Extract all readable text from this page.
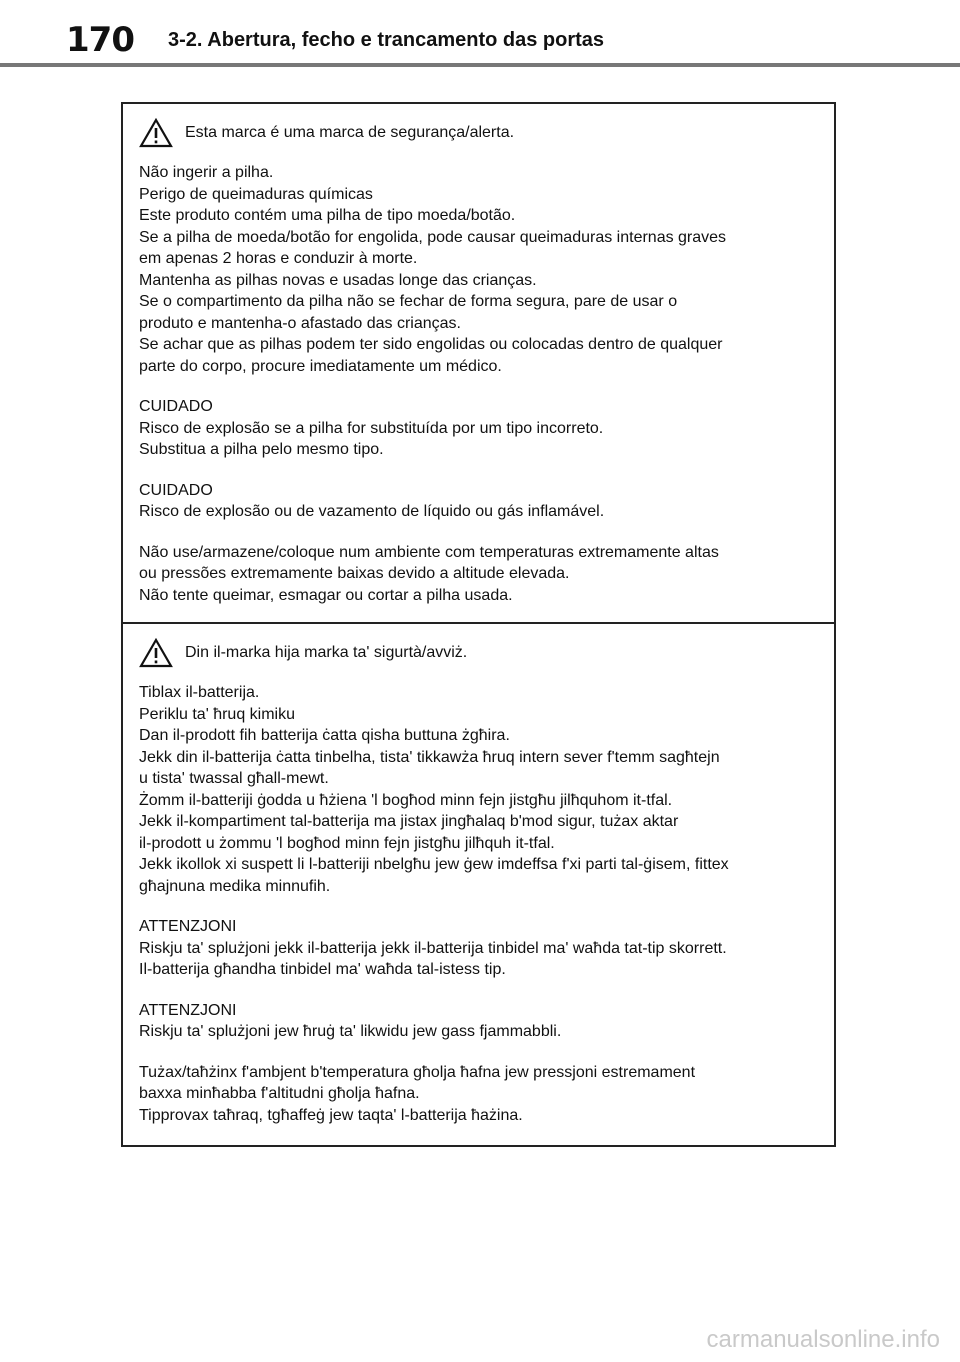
170 3-2. Abertura, fecho e trancamento das portas
Esta marca é uma marca de segurança/alerta.

Não ingerir a pilha.
Perigo de queimaduras químicas
Este produto contém uma pilha de tipo moeda/botão.
Se a pilha de moeda/botão for engolida, pode causar queimaduras internas graves
em apenas 2 horas e conduzir à morte.
Mantenha as pilhas novas e usadas longe das crianças.
Se o compartimento da pilha não se fechar de forma segura, pare de usar o
produto e mantenha-o afastado das crianças.
Se achar que as pilhas podem ter sido engolidas ou colocadas dentro de qualquer
parte do corpo, procure imediatamente um médico.

CUIDADO
Risco de explosão se a pilha for substituída por um tipo incorreto.
Substitua a pilha pelo mesmo tipo.

CUIDADO
Risco de explosão ou de vazamento de líquido ou gás inflamável.

Não use/armazene/coloque num ambiente com temperaturas extremamente altas
ou pressões extremamente baixas devido a altitude elevada.
Não tente queimar, esmagar ou cortar a pilha usada.

Din il-marka hija marka ta' sigurtà/avviż.

Tiblax il-batterija.
Periklu ta' ħruq kimiku
Dan il-prodott fih batterija ċatta qisha buttuna żgħira.
Jekk din il-batterija ċatta tinbelha, tista' tikkawża ħruq intern sever f'temm sagħtejn
u tista' twassal għall-mewt.
Żomm il-batteriji ġodda u ħżiena 'l bogħod minn fejn jistgħu jilħquhom it-tfal.
Jekk il-kompartiment tal-batterija ma jistax jingħalaq b'mod sigur, tużax aktar
il-prodott u żommu 'l bogħod minn fejn jistgħu jilħquh it-tfal.
Jekk ikollok xi suspett li l-batteriji nbelgħu jew ġew imdeffsa f'xi parti tal-ġisem, fittex
għajnuna medika minnufih.

ATTENZJONI
Riskju ta' splużjoni jekk il-batterija jekk il-batterija tinbidel ma' waħda tat-tip skorrett.
Il-batterija għandha tinbidel ma' waħda tal-istess tip.

ATTENZJONI
Riskju ta' splużjoni jew ħruġ ta' likwidu jew gass fjammabbli.

Tużax/taħżinx f'ambjent b'temperatura għolja ħafna jew pressjoni estremament
baxxa minħabba f'altitudni għolja ħafna.
Tipprovax taħraq, tgħaffeġ jew taqta' l-batterija ħażina.

carmanualsonline.info
